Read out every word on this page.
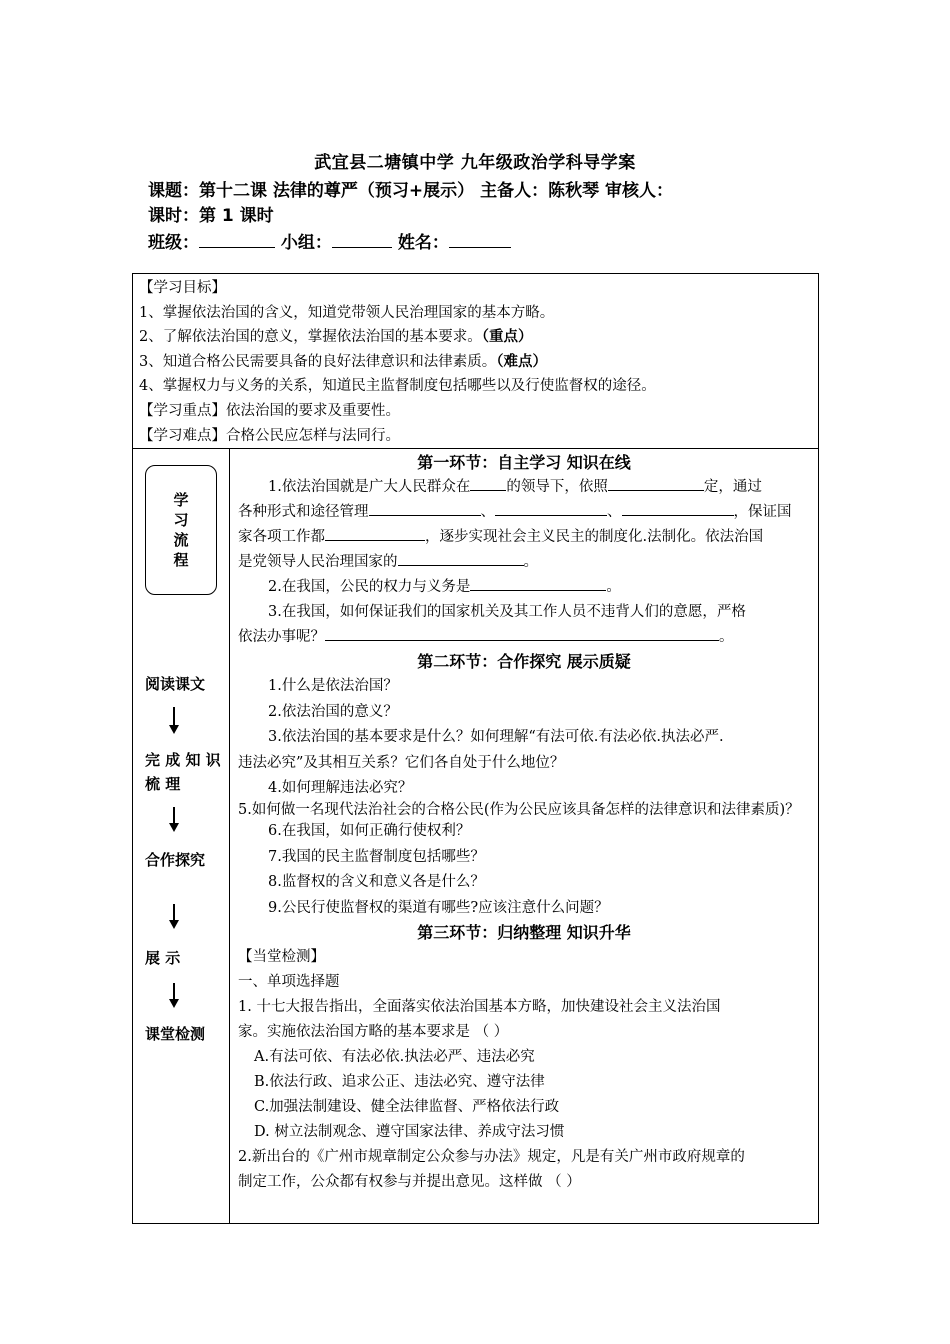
武宜县二塘镇中学 九年级政治学科导学案
课题：第十二课 法律的尊严（预习+展示） 主备人：陈秋琴 审核人：
课时：第 1 课时
班级：	小组：	姓名：
【学习目标】
1、掌握依法治国的含义，知道党带领人民治理国家的基本方略。
2、了解依法治国的意义，掌握依法治国的基本要求。（重点）
3、知道合格公民需要具备的良好法律意识和法律素质。（难点）
4、掌握权力与义务的关系，知道民主监督制度包括哪些以及行使监督权的途径。
【学习重点】依法治国的要求及重要性。
【学习难点】合格公民应怎样与法同行。

学
习
流
程
阅读课文
完 成 知 识
梳 理
合作探究
展 示
课堂检测

第一环节：自主学习 知识在线
1.依法治国就是广大人民群众在 的领导下，依照	定，通过
各种形式和途径管理	、	、	，保证国
家各项工作都	，逐步实现社会主义民主的制度化.法制化。依法治国
是党领导人民治理国家的	。
2.在我国，公民的权力与义务是	。
3.在我国，如何保证我们的国家机关及其工作人员不违背人们的意愿，严格
依法办事呢？	。
第二环节：合作探究 展示质疑
1.什么是依法治国？
2.依法治国的意义？
3.依法治国的基本要求是什么？如何理解“有法可依.有法必依.执法必严.
违法必究”及其相互关系？它们各自处于什么地位？
4.如何理解违法必究？
5.如何做一名现代法治社会的合格公民(作为公民应该具备怎样的法律意识和法律素质)？
6.在我国，如何正确行使权利？
7.我国的民主监督制度包括哪些？
8.监督权的含义和意义各是什么？
9.公民行使监督权的渠道有哪些?应该注意什么问题？
第三环节：归纳整理 知识升华
【当堂检测】
一、单项选择题
1. 十七大报告指出，全面落实依法治国基本方略，加快建设社会主义法治国
家。实施依法治国方略的基本要求是 （ ）
A.有法可依、有法必依.执法必严、违法必究
B.依法行政、追求公正、违法必究、遵守法律
C.加强法制建设、健全法律监督、严格依法行政
D. 树立法制观念、遵守国家法律、养成守法习惯
2.新出台的《广州市规章制定公众参与办法》规定，凡是有关广州市政府规章的
制定工作，公众都有权参与并提出意见。这样做 （ ）
